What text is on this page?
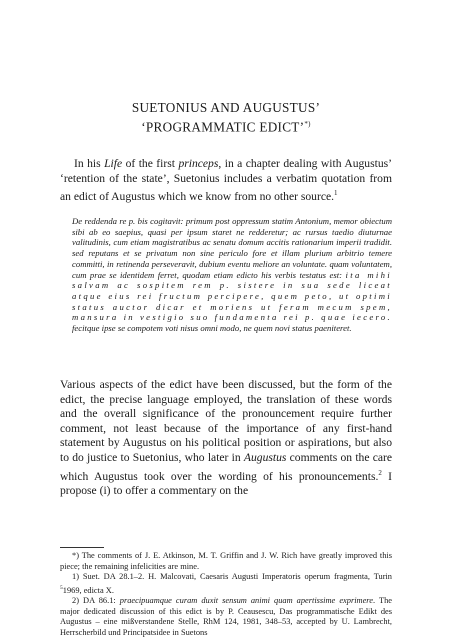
SUETONIUS AND AUGUSTUS’
‘PROGRAMMATIC EDICT’*)

In his Life of the first princeps, in a chapter dealing with Augustus’ ‘retention of the state’, Suetonius includes a verbatim quotation from an edict of Augustus which we know from no other source.$^1$

De reddenda re p. bis cogitavit: primum post oppressum statim Antonium, memor obiectum sibi ab eo saepius, quasi per ipsum staret ne redderetur; ac rursus taedio diuturnae valitudinis, cum etiam magistratibus ac senatu domum accitis rationarium imperii tradidit. sed reputans et se privatum non sine periculo fore et illam plurium arbitrio temere committi, in retinenda perseveravit, dubium eventu meliore an voluntate. quam voluntatem, cum prae se identidem ferret, quodam etiam edicto his verbis testatus est: ita mihi salvam ac sospitem rem p. sistere in sua sede liceat atque eius rei fructum percipere, quem peto, ut optimi status auctor dicar et moriens ut feram mecum spem, mansura in vestigio suo fundamenta rei p. quae iecero. fecitque ipse se compotem voti nisus omni modo, ne quem novi status paeniteret.

Various aspects of the edict have been discussed, but the form of the edict, the precise language employed, the translation of these words and the overall significance of the pronouncement require further comment, not least because of the importance of any first-hand statement by Augustus on his political position or aspirations, but also to do justice to Suetonius, who later in Augustus comments on the care which Augustus took over the wording of his pronouncements.$^2$ I propose (i) to offer a commentary on the

*) The comments of J. E. Atkinson, M. T. Griffin and J. W. Rich have greatly improved this piece; the remaining infelicities are mine.

1) Suet. DA 28.1–2. H. Malcovati, Caesaris Augusti Imperatoris operum fragmenta, Turin $^5$1969, edicta X.

2) DA 86.1: praecipuamque curam duxit sensum animi quam apertissime exprimere. The major dedicated discussion of this edict is by P. Ceausescu, Das programmatische Edikt des Augustus – eine mißverstandene Stelle, RhM 124, 1981, 348–53, accepted by U. Lambrecht, Herrscherbild und Principatsidee in Suetons
